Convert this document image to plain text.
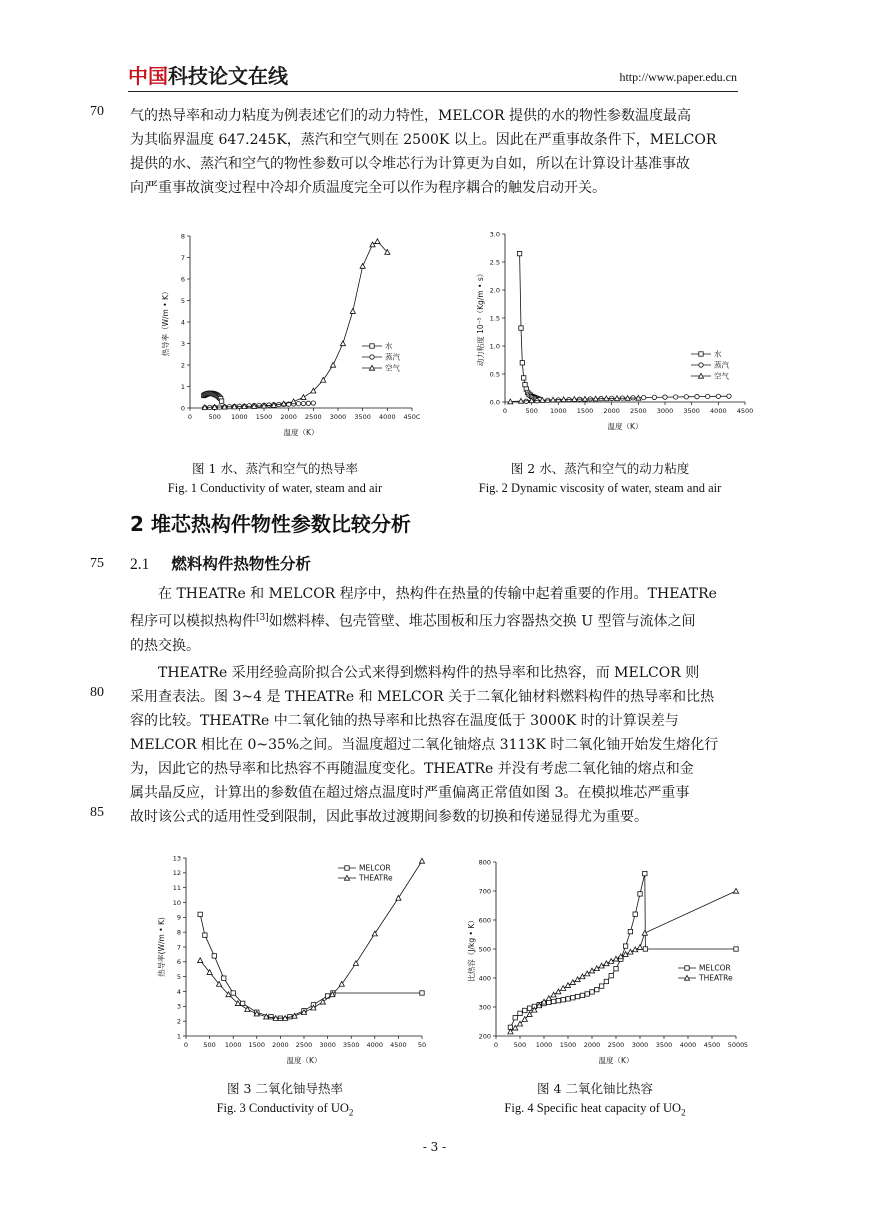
中国科技论文在线	http://www.paper.edu.cn
70 气的热导率和动力粘度为例表述它们的动力特性，MELCOR 提供的水的物性参数温度最高
为其临界温度 647.245K，蒸汽和空气则在 2500K 以上。因此在严重事故条件下，MELCOR
提供的水、蒸汽和空气的物性参数可以令堆芯行为计算更为自如，所以在计算设计基准事故
向严重事故演变过程中冷却介质温度完全可以作为程序耦合的触发启动开关。
0	500 1000 1500 2000 2500 3000 3500 4000 450C
0
1
2
3
4
5
6
7
8
温度（K）
热导率（W/m • K）	水
蒸汽
空气
0	500 1000 1500 2000 2500 3000 3500 4000 4500
0.0
0.5
1.0
1.5
2.0
2.5
3.0
温度（K）
动力粘度 10⁻⁵（Kg/m • s）	水
蒸汽
空气
图 1 水、蒸汽和空气的热导率
Fig. 1 Conductivity of water, steam and air
图 2 水、蒸汽和空气的动力粘度
Fig. 2 Dynamic viscosity of water, steam and air
2 堆芯热构件物性参数比较分析
75 2.1 燃料构件热物性分析
在 THEATRe 和 MELCOR 程序中，热构件在热量的传输中起着重要的作用。THEATRe
程序可以模拟热构件[3]如燃料棒、包壳管壁、堆芯围板和压力容器热交换 U 型管与流体之间
的热交换。
80
85
THEATRe 采用经验高阶拟合公式来得到燃料构件的热导率和比热容，而 MELCOR 则
采用查表法。图 3~4 是 THEATRe 和 MELCOR 关于二氧化铀材料燃料构件的热导率和比热
容的比较。THEATRe 中二氧化铀的热导率和比热容在温度低于 3000K 时的计算误差与
MELCOR 相比在 0~35%之间。当温度超过二氧化铀熔点 3113K 时二氧化铀开始发生熔化行
为，因此它的热导率和比热容不再随温度变化。THEATRe 并没有考虑二氧化铀的熔点和金
属共晶反应，计算出的参数值在超过熔点温度时严重偏离正常值如图 3。在模拟堆芯严重事
故时该公式的适用性受到限制，因此事故过渡期间参数的切换和传递显得尤为重要。
0 500 1000 1500 2000 2500 3000 3500 4000 4500 50
1
2
3
4
5
6
7
8
9
10
11
12
13
温度（K）
热导率(W/m • K)
MELCOR
THEATRe
0 500 1000 1500 2000 2500 3000 3500 4000 4500 5000 5
200
300
400
500
600
700
800
温度（K）
比热容（J/kg • K）	MELCOR
THEATRe
图 3 二氧化铀导热率
Fig. 3 Conductivity of $UO_2$
图 4 二氧化铀比热容
Fig. 4 Specific heat capacity of $UO_2$
- 3 -
